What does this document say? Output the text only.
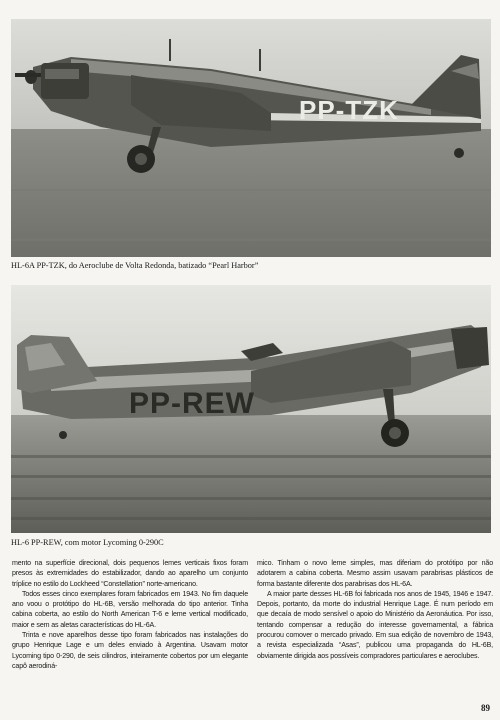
PP-TZK
HL-6A PP-TZK, do Aeroclube de Volta Redonda, batizado “Pearl Harbor”
PP-REW
HL-6 PP-REW, com motor Lycoming 0-290C

mento na superfície direcional, dois pequenos lemes verticais fixos foram presos às extremidades do estabilizador, dando ao aparelho um conjunto tríplice no estilo do Lockheed “Constellation” norte-americano.

Todos esses cinco exemplares foram fabricados em 1943. No fim daquele ano voou o protótipo do HL-6B, versão melhorada do tipo anterior. Tinha cabina coberta, ao estilo do North American T-6 e leme vertical modificado, maior e sem as aletas características do HL-6A.

Trinta e nove aparelhos desse tipo foram fabricados nas instalações do grupo Henrique Lage e um deles enviado à Argentina. Usavam motor Lycoming tipo 0-290, de seis cilindros, inteiramente cobertos por um elegante capô aerodiná-

mico. Tinham o novo leme simples, mas diferiam do protótipo por não adotarem a cabina coberta. Mesmo assim usavam parabrisas plásticos de forma bastante diferente dos parabrisas dos HL-6A.

A maior parte desses HL-6B foi fabricada nos anos de 1945, 1946 e 1947. Depois, portanto, da morte do industrial Henrique Lage. É num período em que decaía de modo sensível o apoio do Ministério da Aeronáutica. Por isso, tentando compensar a redução do interesse governamental, a fábrica procurou comover o mercado privado. Em sua edição de novembro de 1943, a revista especializada “Asas”, publicou uma propaganda do HL-6B, obviamente dirigida aos possíveis compradores particulares e aeroclubes.

89
